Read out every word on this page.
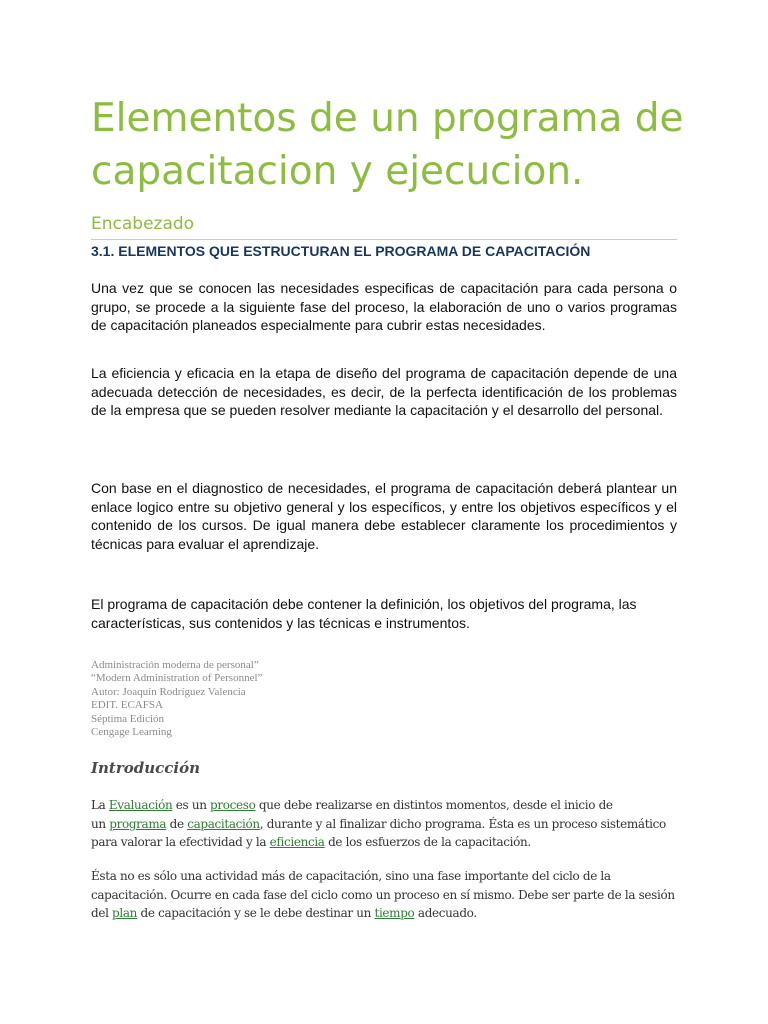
Elementos de un programa de capacitacion y ejecucion.
Encabezado
3.1. ELEMENTOS QUE ESTRUCTURAN EL PROGRAMA DE CAPACITACIÓN

Una vez que se conocen las necesidades especificas de capacitación para cada persona o grupo, se procede a la siguiente fase del proceso, la elaboración de uno o varios programas de capacitación planeados especialmente para cubrir estas necesidades.

La eficiencia y eficacia en la etapa de diseño del programa de capacitación depende de una adecuada detección de necesidades, es decir, de la perfecta identificación de los problemas de la empresa que se pueden resolver mediante la capacitación y el desarrollo del personal.

Con base en el diagnostico de necesidades, el programa de capacitación deberá plantear un enlace logico entre su objetivo general y los específicos, y entre los objetivos específicos y el contenido de los cursos. De igual manera debe establecer claramente los procedimientos y técnicas para evaluar el aprendizaje.

El programa de capacitación debe contener la definición, los objetivos del programa, las características, sus contenidos y las técnicas e instrumentos.

Administración moderna de personal”
“Modern Administration of Personnel”
Autor: Joaquín Rodríguez Valencia
EDIT. ECAFSA
Séptima Edición
Cengage Learning
Introducción
La Evaluación es un proceso que debe realizarse en distintos momentos, desde el inicio de
un programa de capacitación, durante y al finalizar dicho programa. Ésta es un proceso sistemático
para valorar la efectividad y la eficiencia de los esfuerzos de la capacitación.
Ésta no es sólo una actividad más de capacitación, sino una fase importante del ciclo de la
capacitación. Ocurre en cada fase del ciclo como un proceso en sí mismo. Debe ser parte de la sesión
del plan de capacitación y se le debe destinar un tiempo adecuado.
